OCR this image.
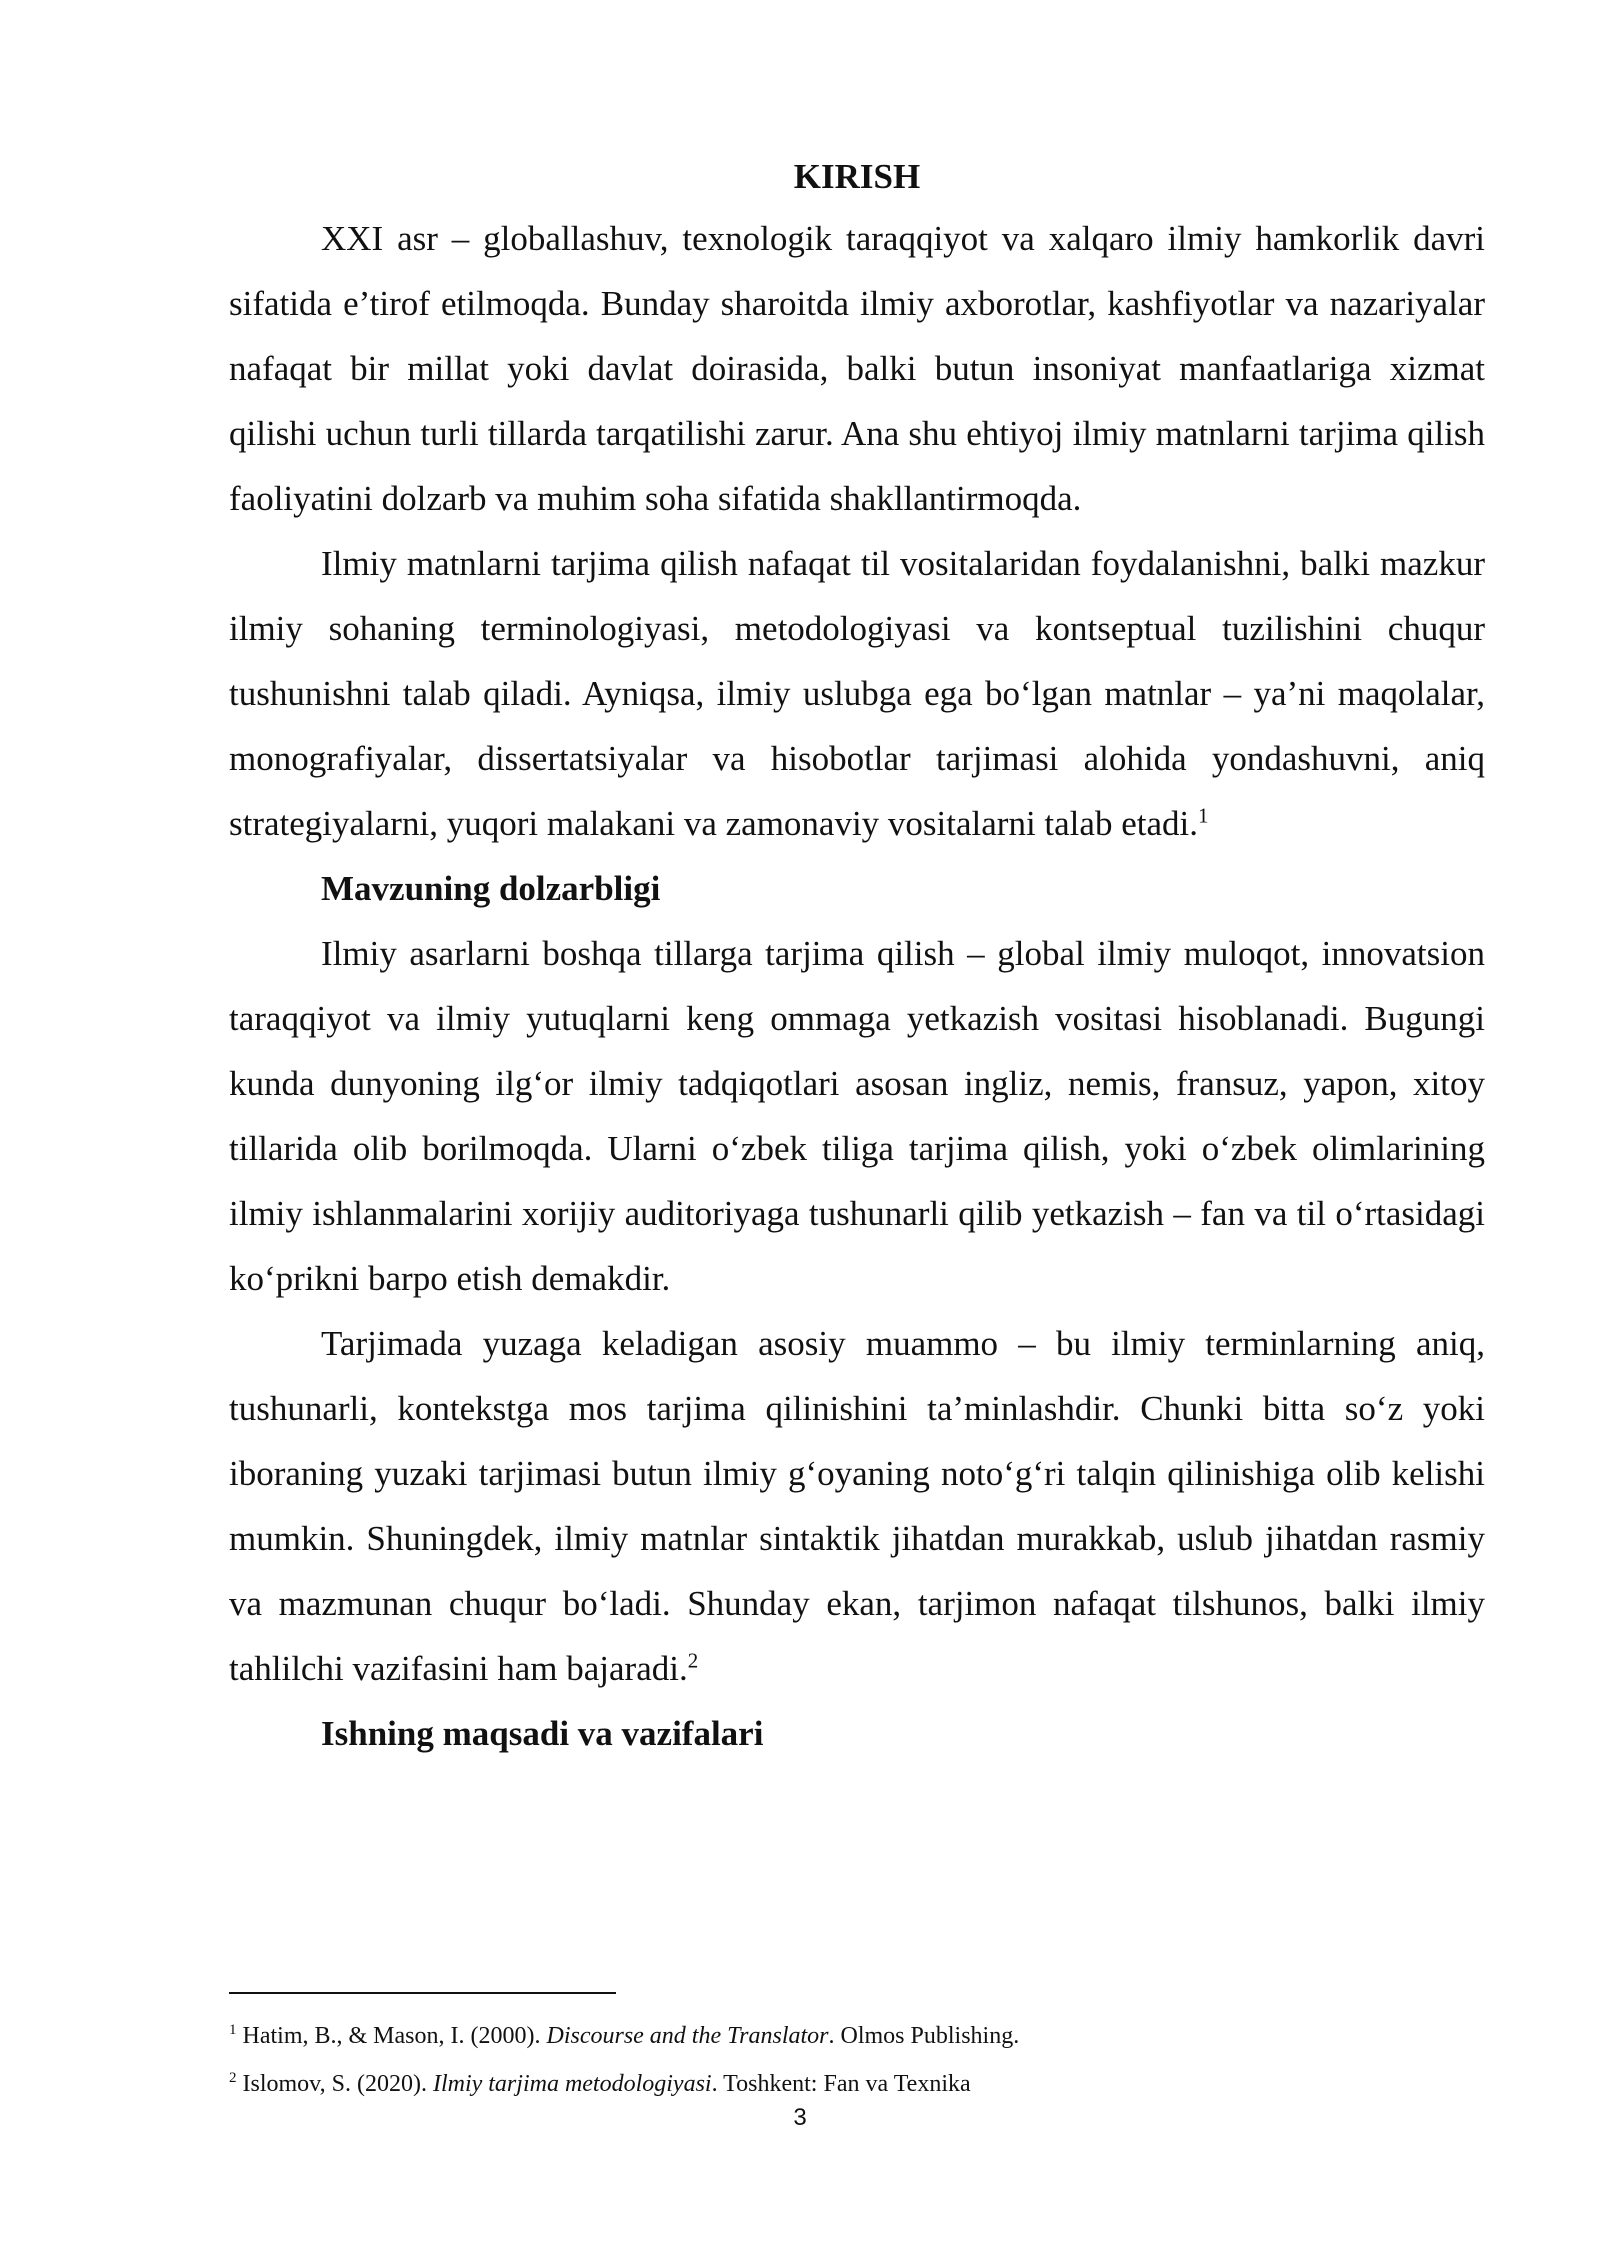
KIRISH

XXI asr – globallashuv, texnologik taraqqiyot va xalqaro ilmiy hamkorlik davri sifatida e’tirof etilmoqda. Bunday sharoitda ilmiy axborotlar, kashfiyotlar va nazariyalar nafaqat bir millat yoki davlat doirasida, balki butun insoniyat manfaatlariga xizmat qilishi uchun turli tillarda tarqatilishi zarur. Ana shu ehtiyoj ilmiy matnlarni tarjima qilish faoliyatini dolzarb va muhim soha sifatida shakllantirmoqda.

Ilmiy matnlarni tarjima qilish nafaqat til vositalaridan foydalanishni, balki mazkur ilmiy sohaning terminologiyasi, metodologiyasi va kontseptual tuzilishini chuqur tushunishni talab qiladi. Ayniqsa, ilmiy uslubga ega boʻlgan matnlar – ya’ni maqolalar, monografiyalar, dissertatsiyalar va hisobotlar tarjimasi alohida yondashuvni, aniq strategiyalarni, yuqori malakani va zamonaviy vositalarni talab etadi.$^1$

Mavzuning dolzarbligi

Ilmiy asarlarni boshqa tillarga tarjima qilish – global ilmiy muloqot, innovatsion taraqqiyot va ilmiy yutuqlarni keng ommaga yetkazish vositasi hisoblanadi. Bugungi kunda dunyoning ilgʻor ilmiy tadqiqotlari asosan ingliz, nemis, fransuz, yapon, xitoy tillarida olib borilmoqda. Ularni oʻzbek tiliga tarjima qilish, yoki oʻzbek olimlarining ilmiy ishlanmalarini xorijiy auditoriyaga tushunarli qilib yetkazish – fan va til oʻrtasidagi koʻprikni barpo etish demakdir.

Tarjimada yuzaga keladigan asosiy muammo – bu ilmiy terminlarning aniq, tushunarli, kontekstga mos tarjima qilinishini ta’minlashdir. Chunki bitta soʻz yoki iboraning yuzaki tarjimasi butun ilmiy gʻoyaning notoʻgʻri talqin qilinishiga olib kelishi mumkin. Shuningdek, ilmiy matnlar sintaktik jihatdan murakkab, uslub jihatdan rasmiy va mazmunan chuqur boʻladi. Shunday ekan, tarjimon nafaqat tilshunos, balki ilmiy tahlilchi vazifasini ham bajaradi.$^2$

Ishning maqsadi va vazifalari

$^1$ Hatim, B., & Mason, I. (2000). Discourse and the Translator. Olmos Publishing.

$^2$ Islomov, S. (2020). Ilmiy tarjima metodologiyasi. Toshkent: Fan va Texnika

3
